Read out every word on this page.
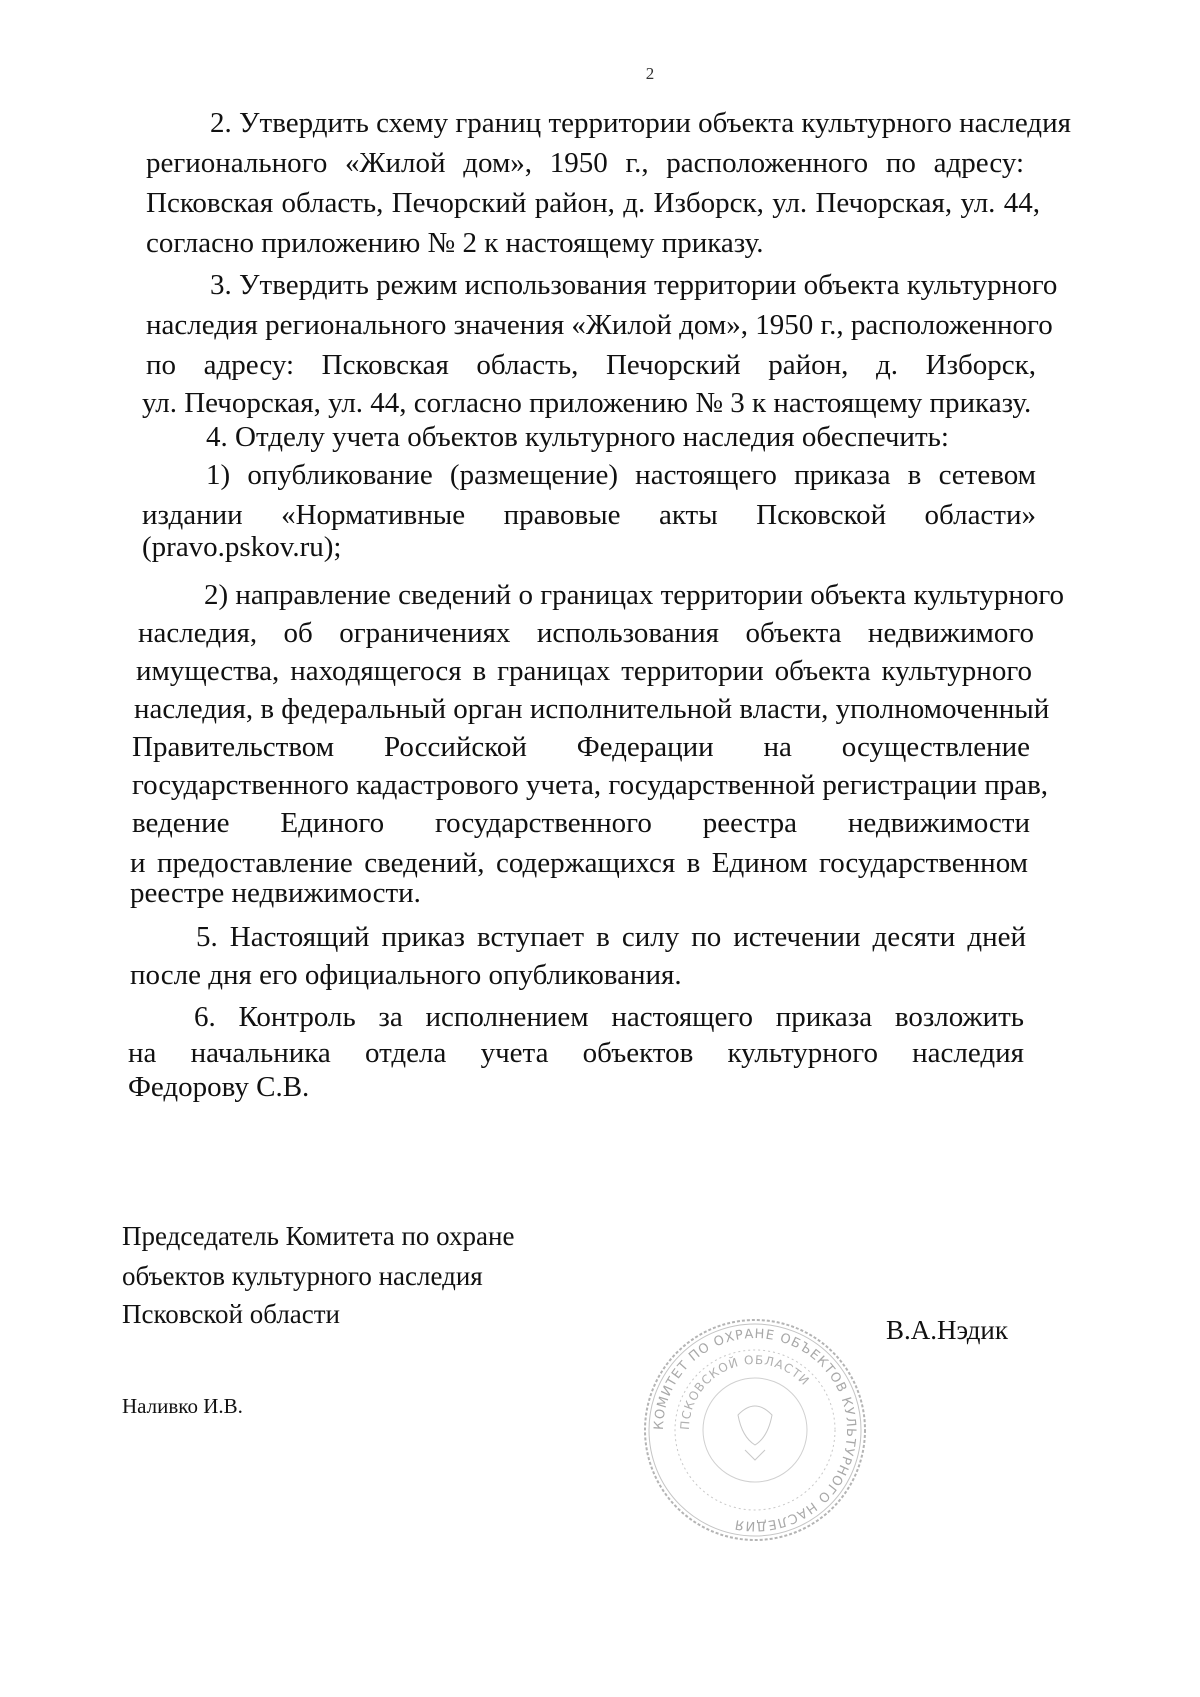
2
2. Утвердить схему границ территории объекта культурного наследия
регионального «Жилой дом», 1950 г., расположенного по адресу:
Псковская область, Печорский район, д. Изборск, ул. Печорская, ул. 44,
согласно приложению № 2 к настоящему приказу.
3. Утвердить режим использования территории объекта культурного
наследия регионального значения «Жилой дом», 1950 г., расположенного
по адресу: Псковская область, Печорский район, д. Изборск,
ул. Печорская, ул. 44, согласно приложению № 3 к настоящему приказу.
4. Отделу учета объектов культурного наследия обеспечить:
1) опубликование (размещение) настоящего приказа в сетевом
издании «Нормативные правовые акты Псковской области»
(pravo.pskov.ru);
2) направление сведений о границах территории объекта культурного
наследия, об ограничениях использования объекта недвижимого
имущества, находящегося в границах территории объекта культурного
наследия, в федеральный орган исполнительной власти, уполномоченный
Правительством Российской Федерации на осуществление
государственного кадастрового учета, государственной регистрации прав,
ведение Единого государственного реестра недвижимости
и предоставление сведений, содержащихся в Едином государственном
реестре недвижимости.
5. Настоящий приказ вступает в силу по истечении десяти дней
после дня его официального опубликования.
6. Контроль за исполнением настоящего приказа возложить
на начальника отдела учета объектов культурного наследия
Федорову С.В.
Председатель Комитета по охране
объектов культурного наследия
Псковской области
В.А.Нэдик
Наливко И.В.
КОМИТЕТ ПО ОХРАНЕ ОБЪЕКТОВ КУЛЬТУРНОГО НАСЛЕДИЯ
ПСКОВСКОЙ ОБЛАСТИ
